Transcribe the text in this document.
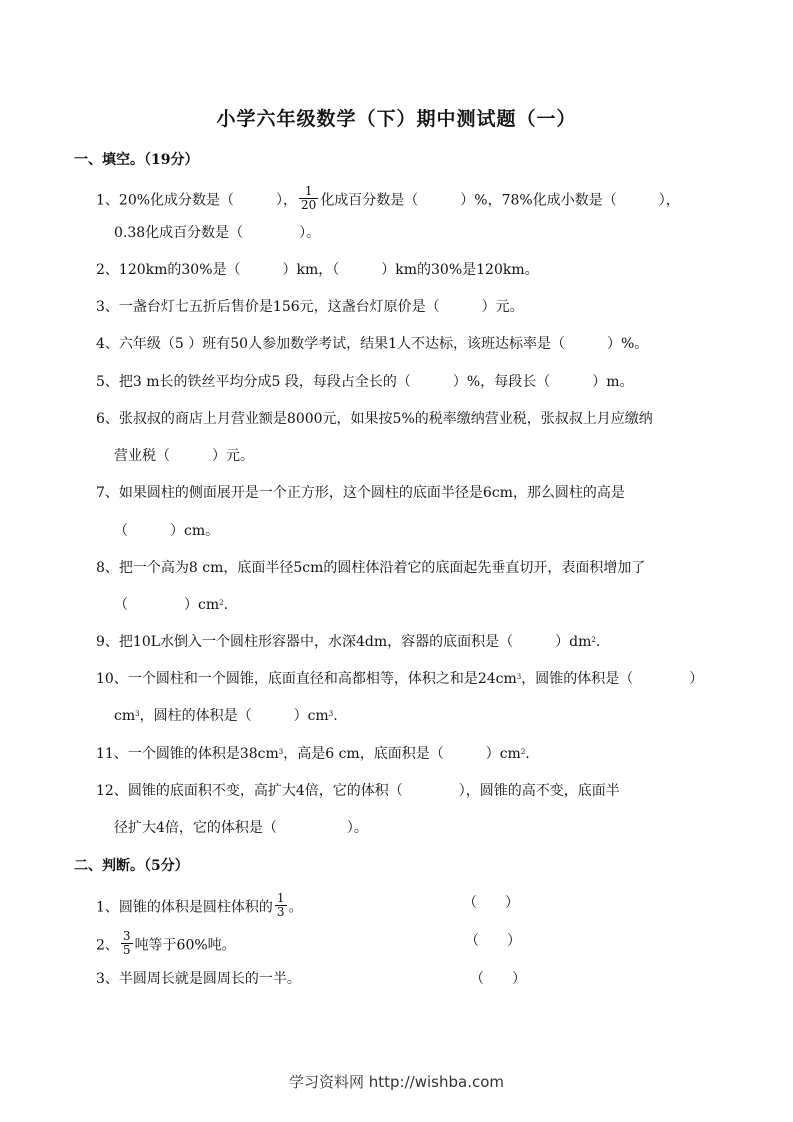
小学六年级数学（下）期中测试题（一）
一、填空。（19分）
1、20%化成分数是（　　　）， $\frac{1}{20}$ 化成百分数是（　　　）%，78%化成小数是（　　　），
0.38化成百分数是（　　　　）。
2、120km的30%是（　　　）km，（　　　）km的30%是120km。
3、一盏台灯七五折后售价是156元，这盏台灯原价是（　　　）元。
4、六年级（5 ）班有50人参加数学考试，结果1人不达标，该班达标率是（　　　）%。
5、把3 m长的铁丝平均分成5 段，每段占全长的（　　　）%，每段长（　　　）m。
6、张叔叔的商店上月营业额是8000元，如果按5%的税率缴纳营业税，张叔叔上月应缴纳
营业税（　　　）元。
7、如果圆柱的侧面展开是一个正方形，这个圆柱的底面半径是6cm，那么圆柱的高是
（　　　）cm。
8、把一个高为8 cm，底面半径5cm的圆柱体沿着它的底面起先垂直切开，表面积增加了
（　　　　）$cm^2$.
9、把10L水倒入一个圆柱形容器中，水深4dm，容器的底面积是（　　　）$dm^2$.
10、一个圆柱和一个圆锥，底面直径和高都相等，体积之和是$24cm^3$，圆锥的体积是（　　　　）
$cm^3$，圆柱的体积是（　　　）$cm^3$.
11、一个圆锥的体积是$38cm^3$，高是6 cm，底面积是（　　　）$cm^2$.
12、圆锥的底面积不变，高扩大4倍，它的体积（　　　　），圆锥的高不变，底面半
径扩大4倍，它的体积是（　　　　　）。
二、判断。（5分）
1、圆锥的体积是圆柱体积的 $\frac{1}{3}$ 。	（　　）
2、 $\frac{3}{5}$ 吨等于60%吨。	（　　）
3、半圆周长就是圆周长的一半。	（　　）
学习资料网 http://wishba.com
